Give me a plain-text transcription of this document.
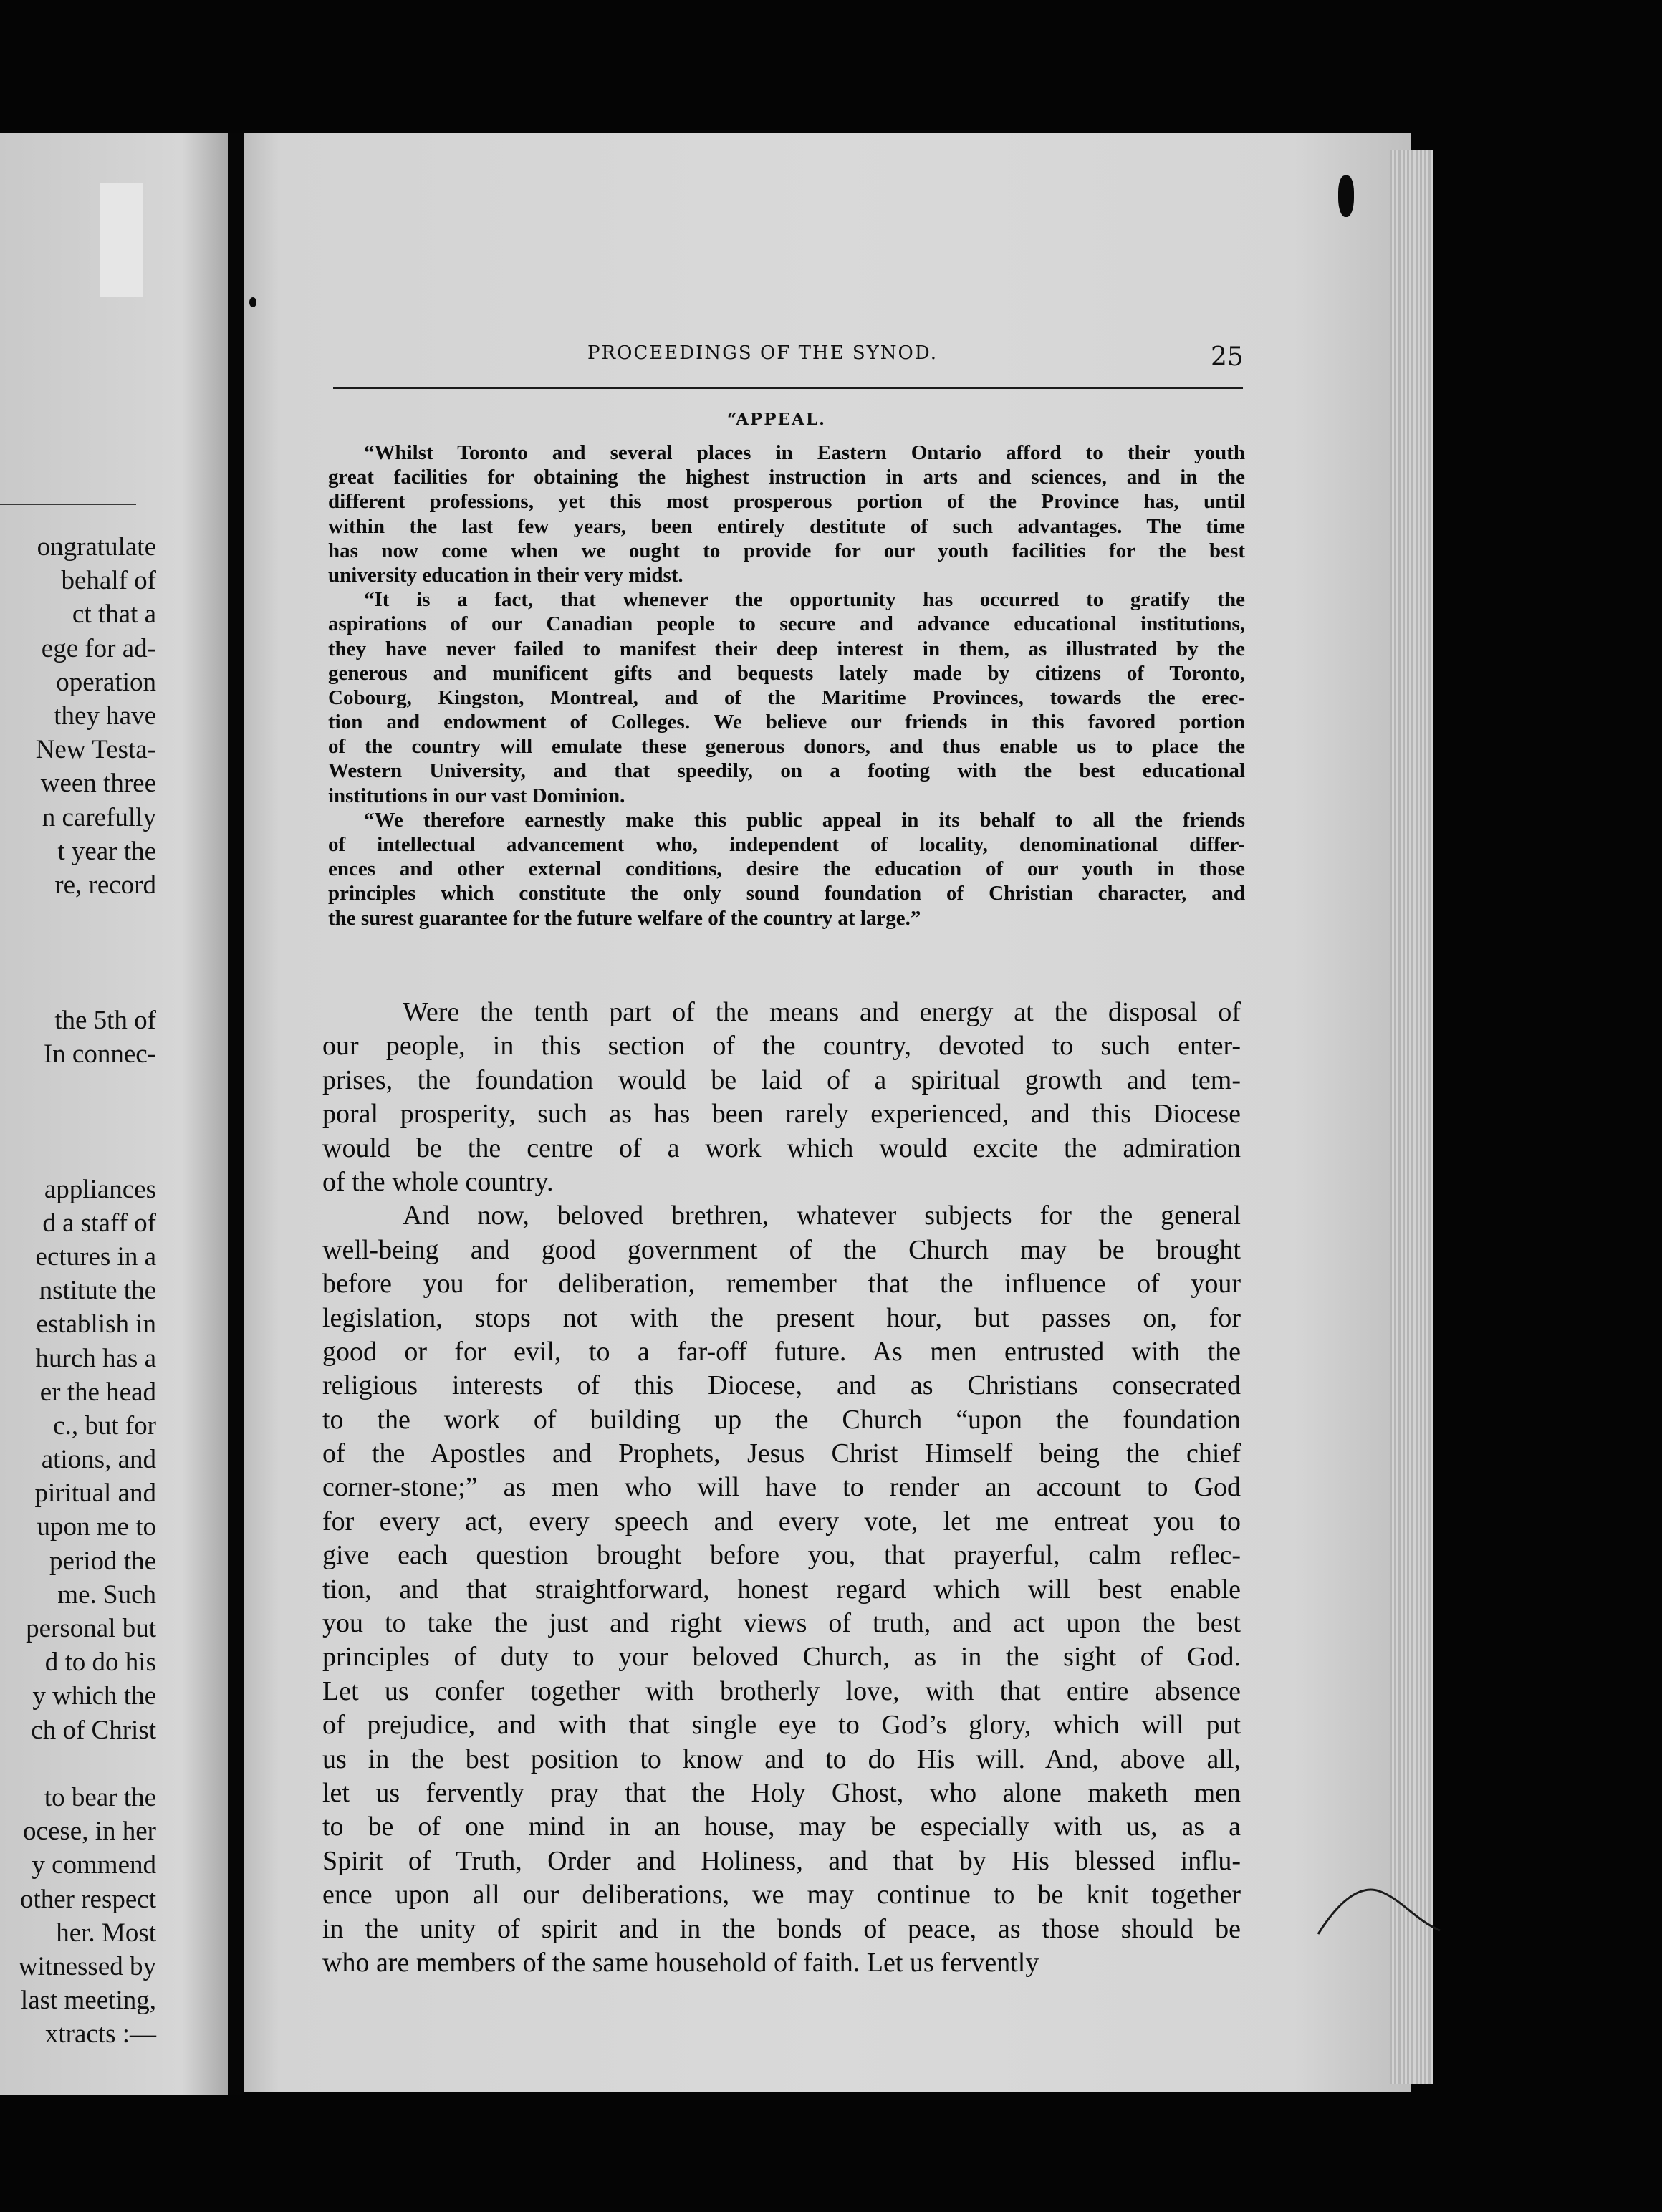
ongratulate
behalf of
ct that a
ege for ad-
operation
they have
New Testa-
ween three
n carefully
t year the
re, record
the 5th of
In connec-
appliances
d a staff of
ectures in a
nstitute the
establish in
hurch has a
er the head
c., but for
ations, and
piritual and
upon me to
period the
me. Such
personal but
d to do his
y which the
ch of Christ
to bear the
ocese, in her
y commend
other respect
her. Most
witnessed by
last meeting,
xtracts :—
PROCEEDINGS OF THE SYNOD.	25
“APPEAL.
“Whilst Toronto and several places in Eastern Ontario afford to their youth
great facilities for obtaining the highest instruction in arts and sciences, and in the
different professions, yet this most prosperous portion of the Province has, until
within the last few years, been entirely destitute of such advantages. The time
has now come when we ought to provide for our youth facilities for the best
university education in their very midst.
“It is a fact, that whenever the opportunity has occurred to gratify the
aspirations of our Canadian people to secure and advance educational institutions,
they have never failed to manifest their deep interest in them, as illustrated by the
generous and munificent gifts and bequests lately made by citizens of Toronto,
Cobourg, Kingston, Montreal, and of the Maritime Provinces, towards the erec-
tion and endowment of Colleges. We believe our friends in this favored portion
of the country will emulate these generous donors, and thus enable us to place the
Western University, and that speedily, on a footing with the best educational
institutions in our vast Dominion.
“We therefore earnestly make this public appeal in its behalf to all the friends
of intellectual advancement who, independent of locality, denominational differ-
ences and other external conditions, desire the education of our youth in those
principles which constitute the only sound foundation of Christian character, and
the surest guarantee for the future welfare of the country at large.”
Were the tenth part of the means and energy at the disposal of
our people, in this section of the country, devoted to such enter-
prises, the foundation would be laid of a spiritual growth and tem-
poral prosperity, such as has been rarely experienced, and this Diocese
would be the centre of a work which would excite the admiration
of the whole country.
And now, beloved brethren, whatever subjects for the general
well-being and good government of the Church may be brought
before you for deliberation, remember that the influence of your
legislation, stops not with the present hour, but passes on, for
good or for evil, to a far-off future. As men entrusted with the
religious interests of this Diocese, and as Christians consecrated
to the work of building up the Church “upon the foundation
of the Apostles and Prophets, Jesus Christ Himself being the chief
corner-stone;” as men who will have to render an account to God
for every act, every speech and every vote, let me entreat you to
give each question brought before you, that prayerful, calm reflec-
tion, and that straightforward, honest regard which will best enable
you to take the just and right views of truth, and act upon the best
principles of duty to your beloved Church, as in the sight of God.
Let us confer together with brotherly love, with that entire absence
of prejudice, and with that single eye to God’s glory, which will put
us in the best position to know and to do His will. And, above all,
let us fervently pray that the Holy Ghost, who alone maketh men
to be of one mind in an house, may be especially with us, as a
Spirit of Truth, Order and Holiness, and that by His blessed influ-
ence upon all our deliberations, we may continue to be knit together
in the unity of spirit and in the bonds of peace, as those should be
who are members of the same household of faith. Let us fervently
